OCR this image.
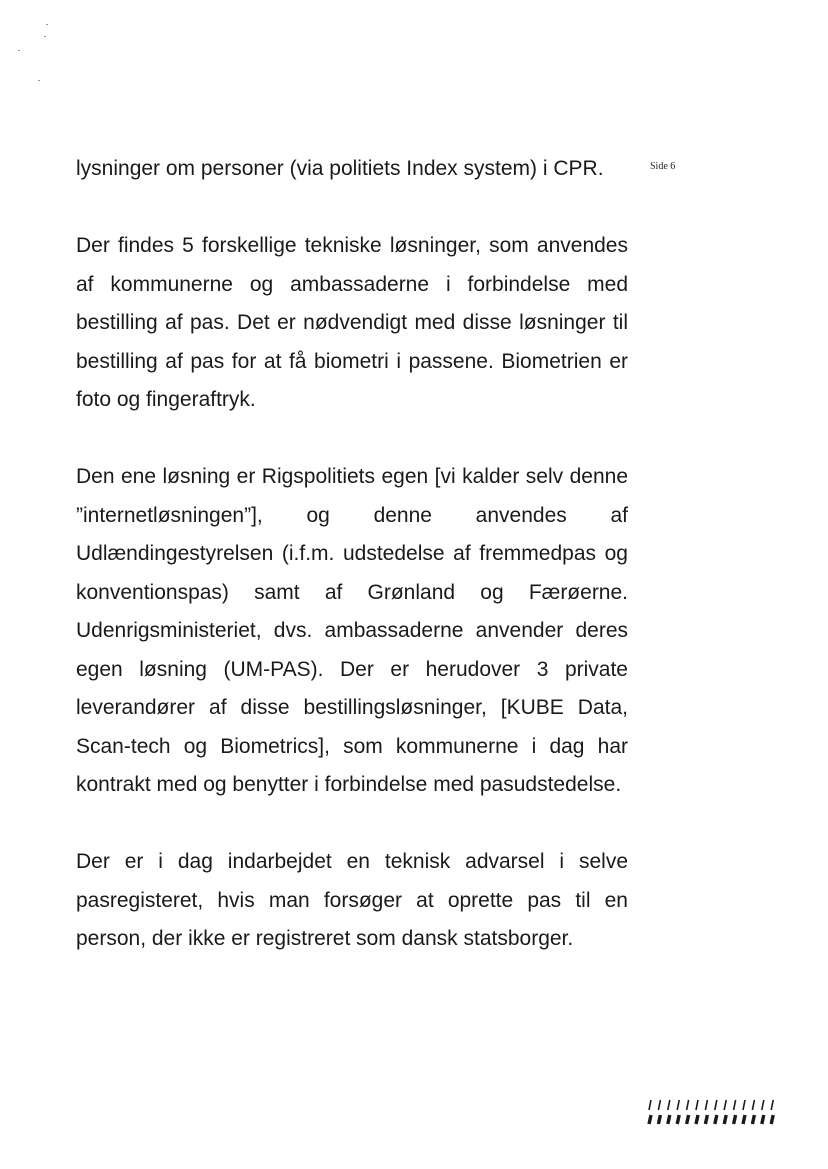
Side 6

lysninger om personer (via politiets Index system) i CPR.

Der findes 5 forskellige tekniske løsninger, som anvendes af kommunerne og ambassaderne i forbindelse med bestilling af pas. Det er nødvendigt med disse løsninger til bestilling af pas for at få biometri i passene. Biometrien er foto og fingeraftryk.

Den ene løsning er Rigspolitiets egen [vi kalder selv denne ”internetløsningen”], og denne anvendes af Udlændingestyrelsen (i.f.m. udstedelse af fremmedpas og konventionspas) samt af Grønland og Færøerne. Udenrigsministeriet, dvs. ambassaderne anvender deres egen løsning (UM-PAS). Der er herudover 3 private leverandører af disse bestillingsløsninger, [KUBE Data, Scan-tech og Biometrics], som kommunerne i dag har kontrakt med og benytter i forbindelse med pasudstedelse.

Der er i dag indarbejdet en teknisk advarsel i selve pasregisteret, hvis man forsøger at oprette pas til en person, der ikke er registreret som dansk statsborger.
